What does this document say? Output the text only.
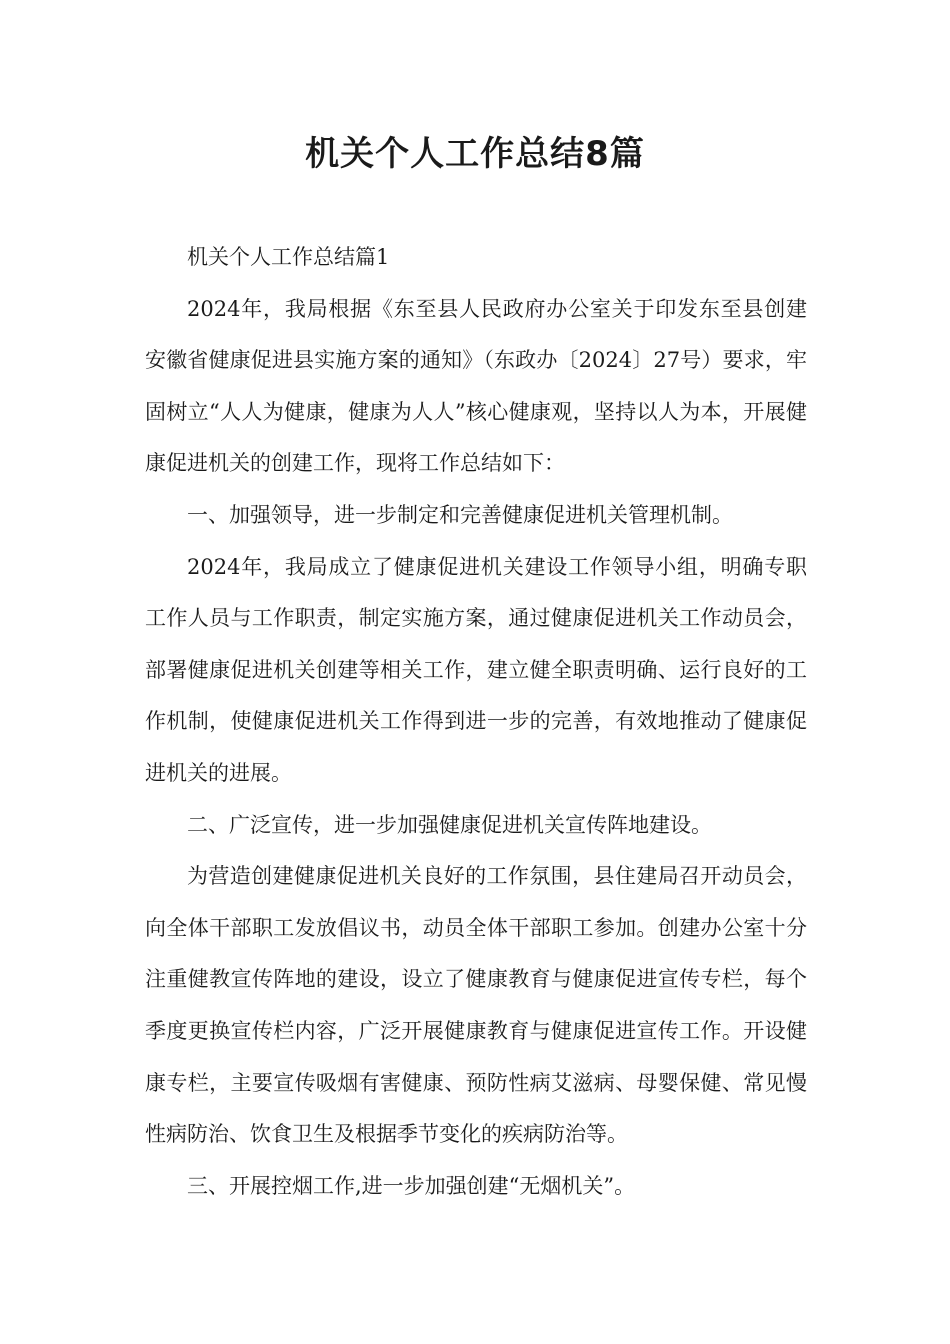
机关个人工作总结8篇

机关个人工作总结篇1

2024年，我局根据《东至县人民政府办公室关于印发东至县创建安徽省健康促进县实施方案的通知》（东政办〔2024〕27号）要求，牢固树立“人人为健康，健康为人人”核心健康观，坚持以人为本，开展健康促进机关的创建工作，现将工作总结如下：

一、加强领导，进一步制定和完善健康促进机关管理机制。

2024年，我局成立了健康促进机关建设工作领导小组，明确专职工作人员与工作职责，制定实施方案，通过健康促进机关工作动员会，部署健康促进机关创建等相关工作，建立健全职责明确、运行良好的工作机制，使健康促进机关工作得到进一步的完善，有效地推动了健康促进机关的进展。

二、广泛宣传，进一步加强健康促进机关宣传阵地建设。

为营造创建健康促进机关良好的工作氛围，县住建局召开动员会，向全体干部职工发放倡议书，动员全体干部职工参加。创建办公室十分注重健教宣传阵地的建设，设立了健康教育与健康促进宣传专栏，每个季度更换宣传栏内容，广泛开展健康教育与健康促进宣传工作。开设健康专栏，主要宣传吸烟有害健康、预防性病艾滋病、母婴保健、常见慢性病防治、饮食卫生及根据季节变化的疾病防治等。

三、开展控烟工作,进一步加强创建“无烟机关”。
